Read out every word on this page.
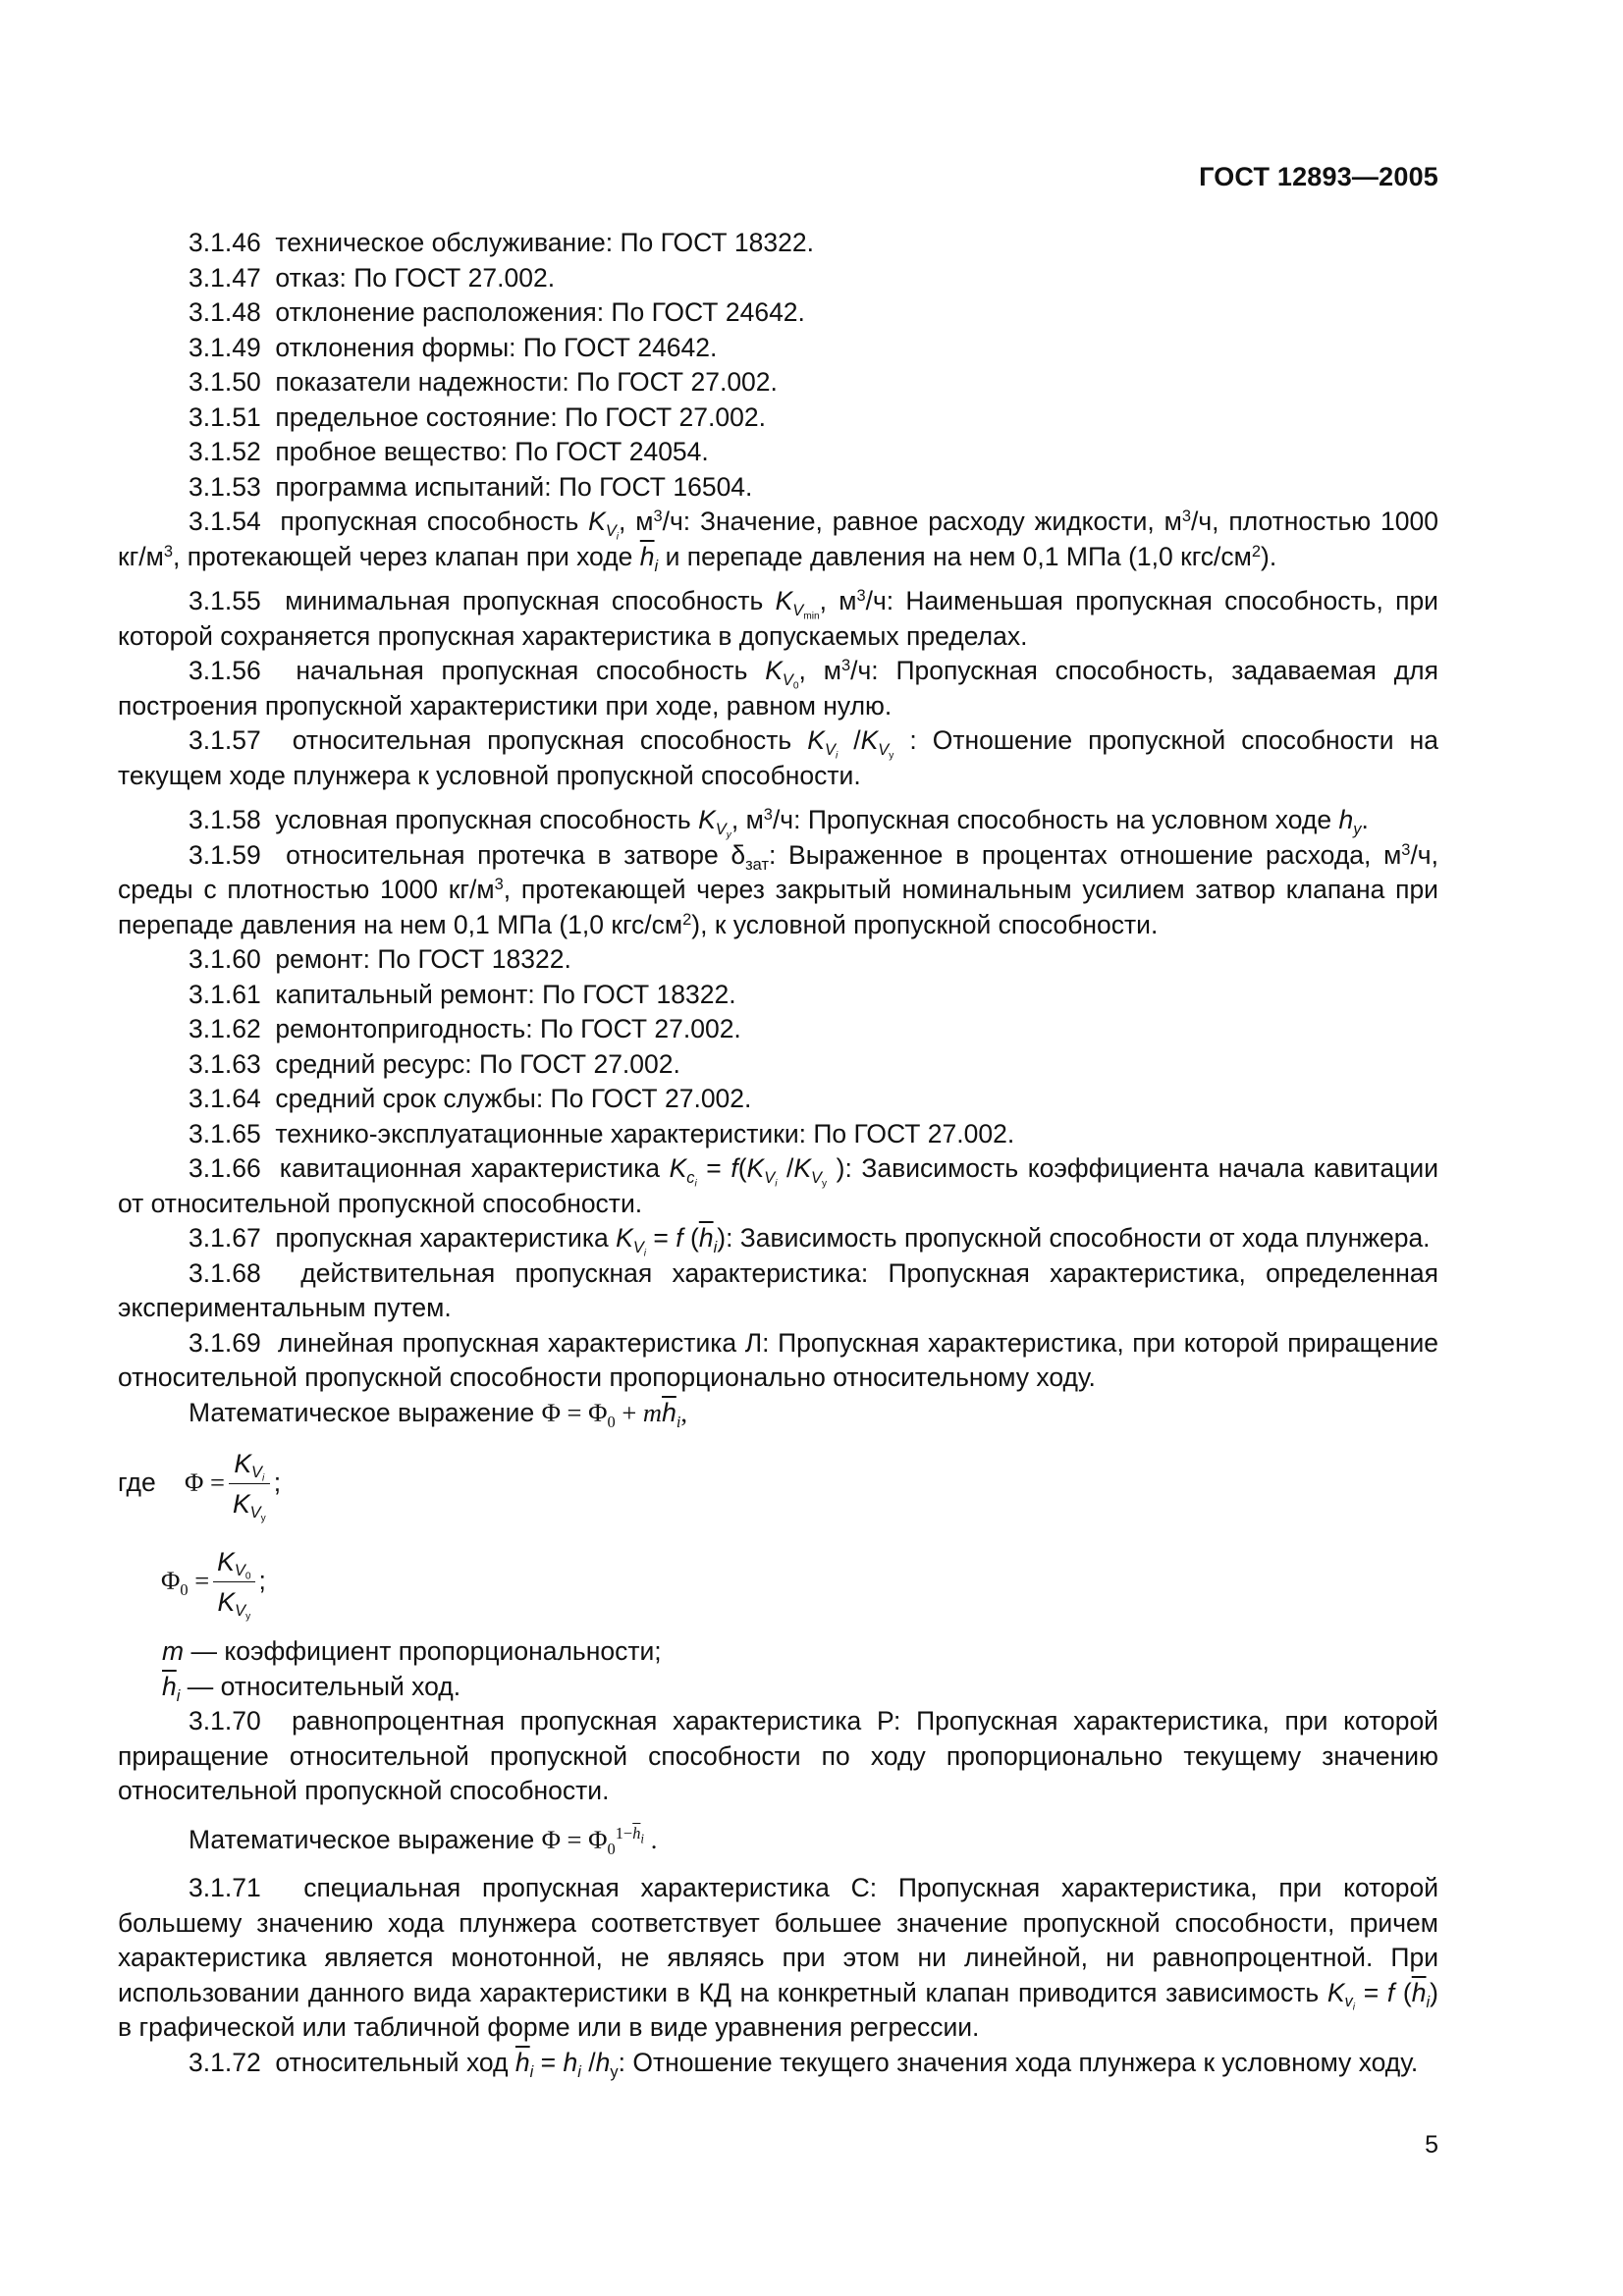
ГОСТ 12893—2005

3.1.46 техническое обслуживание: По ГОСТ 18322.

3.1.47 отказ: По ГОСТ 27.002.

3.1.48 отклонение расположения: По ГОСТ 24642.

3.1.49 отклонения формы: По ГОСТ 24642.

3.1.50 показатели надежности: По ГОСТ 27.002.

3.1.51 предельное состояние: По ГОСТ 27.002.

3.1.52 пробное вещество: По ГОСТ 24054.

3.1.53 программа испытаний: По ГОСТ 16504.

3.1.54 пропускная способность $K_{V_i}$, $м^3/ч$: Значение, равное расходу жидкости, $м^3/ч$, плотностью 1000 $кг/м^3$, протекающей через клапан при ходе $\overline{h}_i$ и перепаде давления на нем 0,1 МПа (1,0 кгс/$см^2$).

3.1.55 минимальная пропускная способность $K_{V_{min}}$, $м^3/ч$: Наименьшая пропускная способность, при которой сохраняется пропускная характеристика в допускаемых пределах.

3.1.56 начальная пропускная способность $K_{V_0}$, $м^3/ч$: Пропускная способность, задаваемая для построения пропускной характеристики при ходе, равном нулю.

3.1.57 относительная пропускная способность $K_{V_i}$ $/K_{V_y}$ : Отношение пропускной способности на текущем ходе плунжера к условной пропускной способности.

3.1.58 условная пропускная способность $K_{V_y}$, $м^3/ч$: Пропускная способность на условном ходе $h_y$.

3.1.59 относительная протечка в затворе $\delta_{зат}$: Выраженное в процентах отношение расхода, $м^3/ч$, среды с плотностью 1000 $кг/м^3$, протекающей через закрытый номинальным усилием затвор клапана при перепаде давления на нем 0,1 МПа (1,0 кгс/$см^2$), к условной пропускной способности.

3.1.60 ремонт: По ГОСТ 18322.

3.1.61 капитальный ремонт: По ГОСТ 18322.

3.1.62 ремонтопригодность: По ГОСТ 27.002.

3.1.63 средний ресурс: По ГОСТ 27.002.

3.1.64 средний срок службы: По ГОСТ 27.002.

3.1.65 технико-эксплуатационные характеристики: По ГОСТ 27.002.

3.1.66 кавитационная характеристика $K_{c_i} = f(K_{V_i}$ $/K_{V_y}$ ): Зависимость коэффициента начала кавитации от относительной пропускной способности.

3.1.67 пропускная характеристика $K_{V_i} = f$ $(\overline{h}_i)$: Зависимость пропускной способности от хода плунжера.

3.1.68 действительная пропускная характеристика: Пропускная характеристика, определенная экспериментальным путем.

3.1.69 линейная пропускная характеристика Л: Пропускная характеристика, при которой приращение относительной пропускной способности пропорционально относительному ходу.

Математическое выражение $\Phi = \Phi_0 + m\overline{h}_i$,

где	$\Phi = \frac{K_{V_i}}{K_{V_y}}$ ;
$\Phi_0 = \frac{K_{V_0}}{K_{V_y}}$ ;

m — коэффициент пропорциональности;

$\overline{h}_i$ — относительный ход.

3.1.70 равнопроцентная пропускная характеристика Р: Пропускная характеристика, при которой приращение относительной пропускной способности по ходу пропорционально текущему значению относительной пропускной способности.

Математическое выражение $\Phi = \Phi_0^{1-\overline{h}_i}$ .

3.1.71 специальная пропускная характеристика С: Пропускная характеристика, при которой большему значению хода плунжера соответствует большее значение пропускной способности, причем характеристика является монотонной, не являясь при этом ни линейной, ни равнопроцентной. При использовании данного вида характеристики в КД на конкретный клапан приводится зависимость $K_{v_i} = f$ $(\overline{h}_i)$ в графической или табличной форме или в виде уравнения регрессии.

3.1.72 относительный ход $\overline{h}_i = h_i$ $/h_y$: Отношение текущего значения хода плунжера к условному ходу.

5
